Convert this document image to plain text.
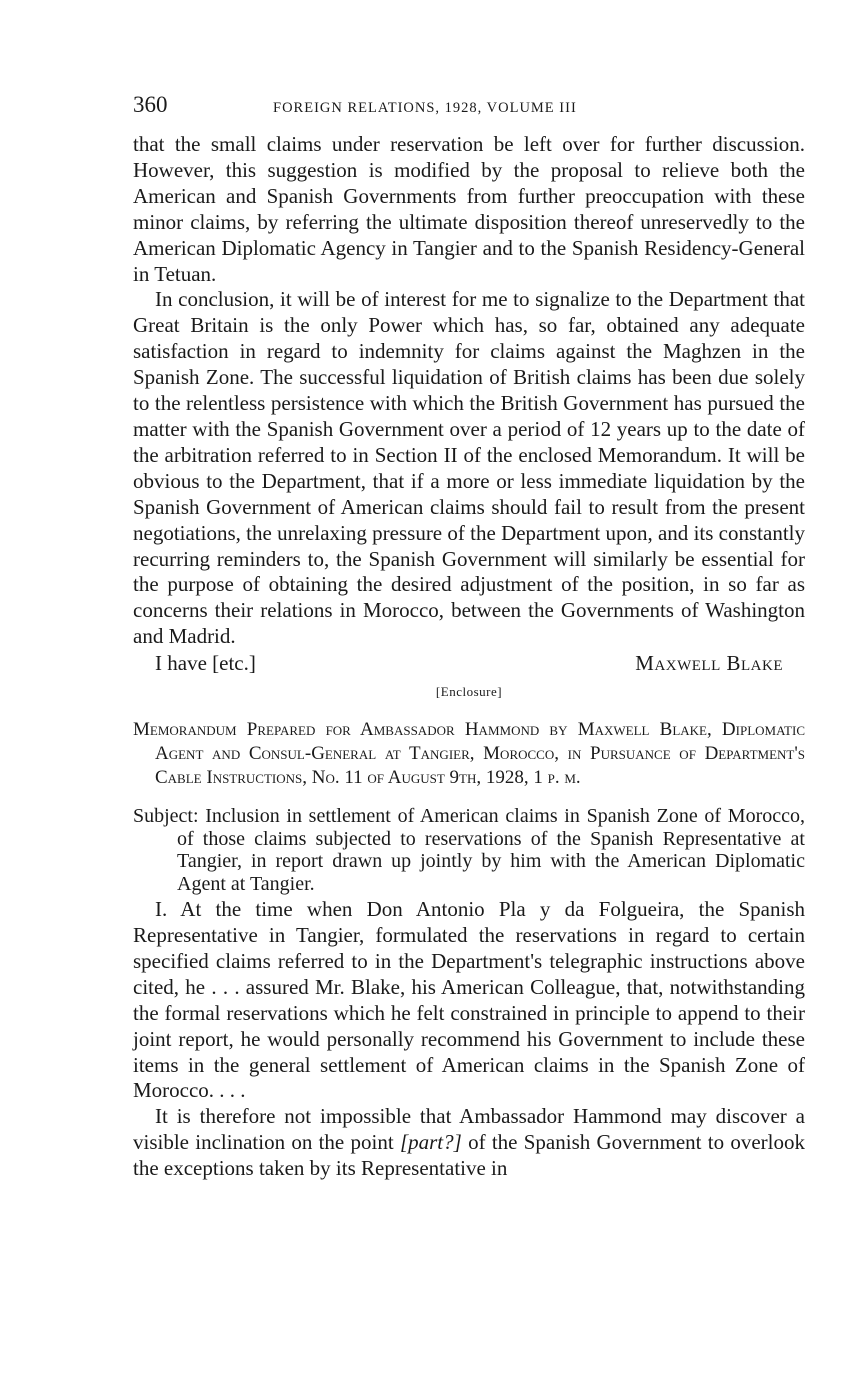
360	FOREIGN RELATIONS, 1928, VOLUME III

that the small claims under reservation be left over for further discussion. However, this suggestion is modified by the proposal to relieve both the American and Spanish Governments from further preoccupation with these minor claims, by referring the ultimate disposition thereof unreservedly to the American Diplomatic Agency in Tangier and to the Spanish Residency-General in Tetuan.

In conclusion, it will be of interest for me to signalize to the Department that Great Britain is the only Power which has, so far, obtained any adequate satisfaction in regard to indemnity for claims against the Maghzen in the Spanish Zone. The successful liquidation of British claims has been due solely to the relentless persistence with which the British Government has pursued the matter with the Spanish Government over a period of 12 years up to the date of the arbitration referred to in Section II of the enclosed Memorandum. It will be obvious to the Department, that if a more or less immediate liquidation by the Spanish Government of American claims should fail to result from the present negotiations, the unrelaxing pressure of the Department upon, and its constantly recurring reminders to, the Spanish Government will similarly be essential for the purpose of obtaining the desired adjustment of the position, in so far as concerns their relations in Morocco, between the Governments of Washington and Madrid.

I have [etc.]	Maxwell Blake
[Enclosure]
Memorandum Prepared for Ambassador Hammond by Maxwell Blake, Diplomatic Agent and Consul-General at Tangier, Morocco, in Pursuance of Department's Cable Instructions, No. 11 of August 9th, 1928, 1 p. m.
Subject: Inclusion in settlement of American claims in Spanish Zone of Morocco, of those claims subjected to reservations of the Spanish Representative at Tangier, in report drawn up jointly by him with the American Diplomatic Agent at Tangier.

I. At the time when Don Antonio Pla y da Folgueira, the Spanish Representative in Tangier, formulated the reservations in regard to certain specified claims referred to in the Department's telegraphic instructions above cited, he . . . assured Mr. Blake, his American Colleague, that, notwithstanding the formal reservations which he felt constrained in principle to append to their joint report, he would personally recommend his Government to include these items in the general settlement of American claims in the Spanish Zone of Morocco. . . .

It is therefore not impossible that Ambassador Hammond may discover a visible inclination on the point [part?] of the Spanish Government to overlook the exceptions taken by its Representative in
